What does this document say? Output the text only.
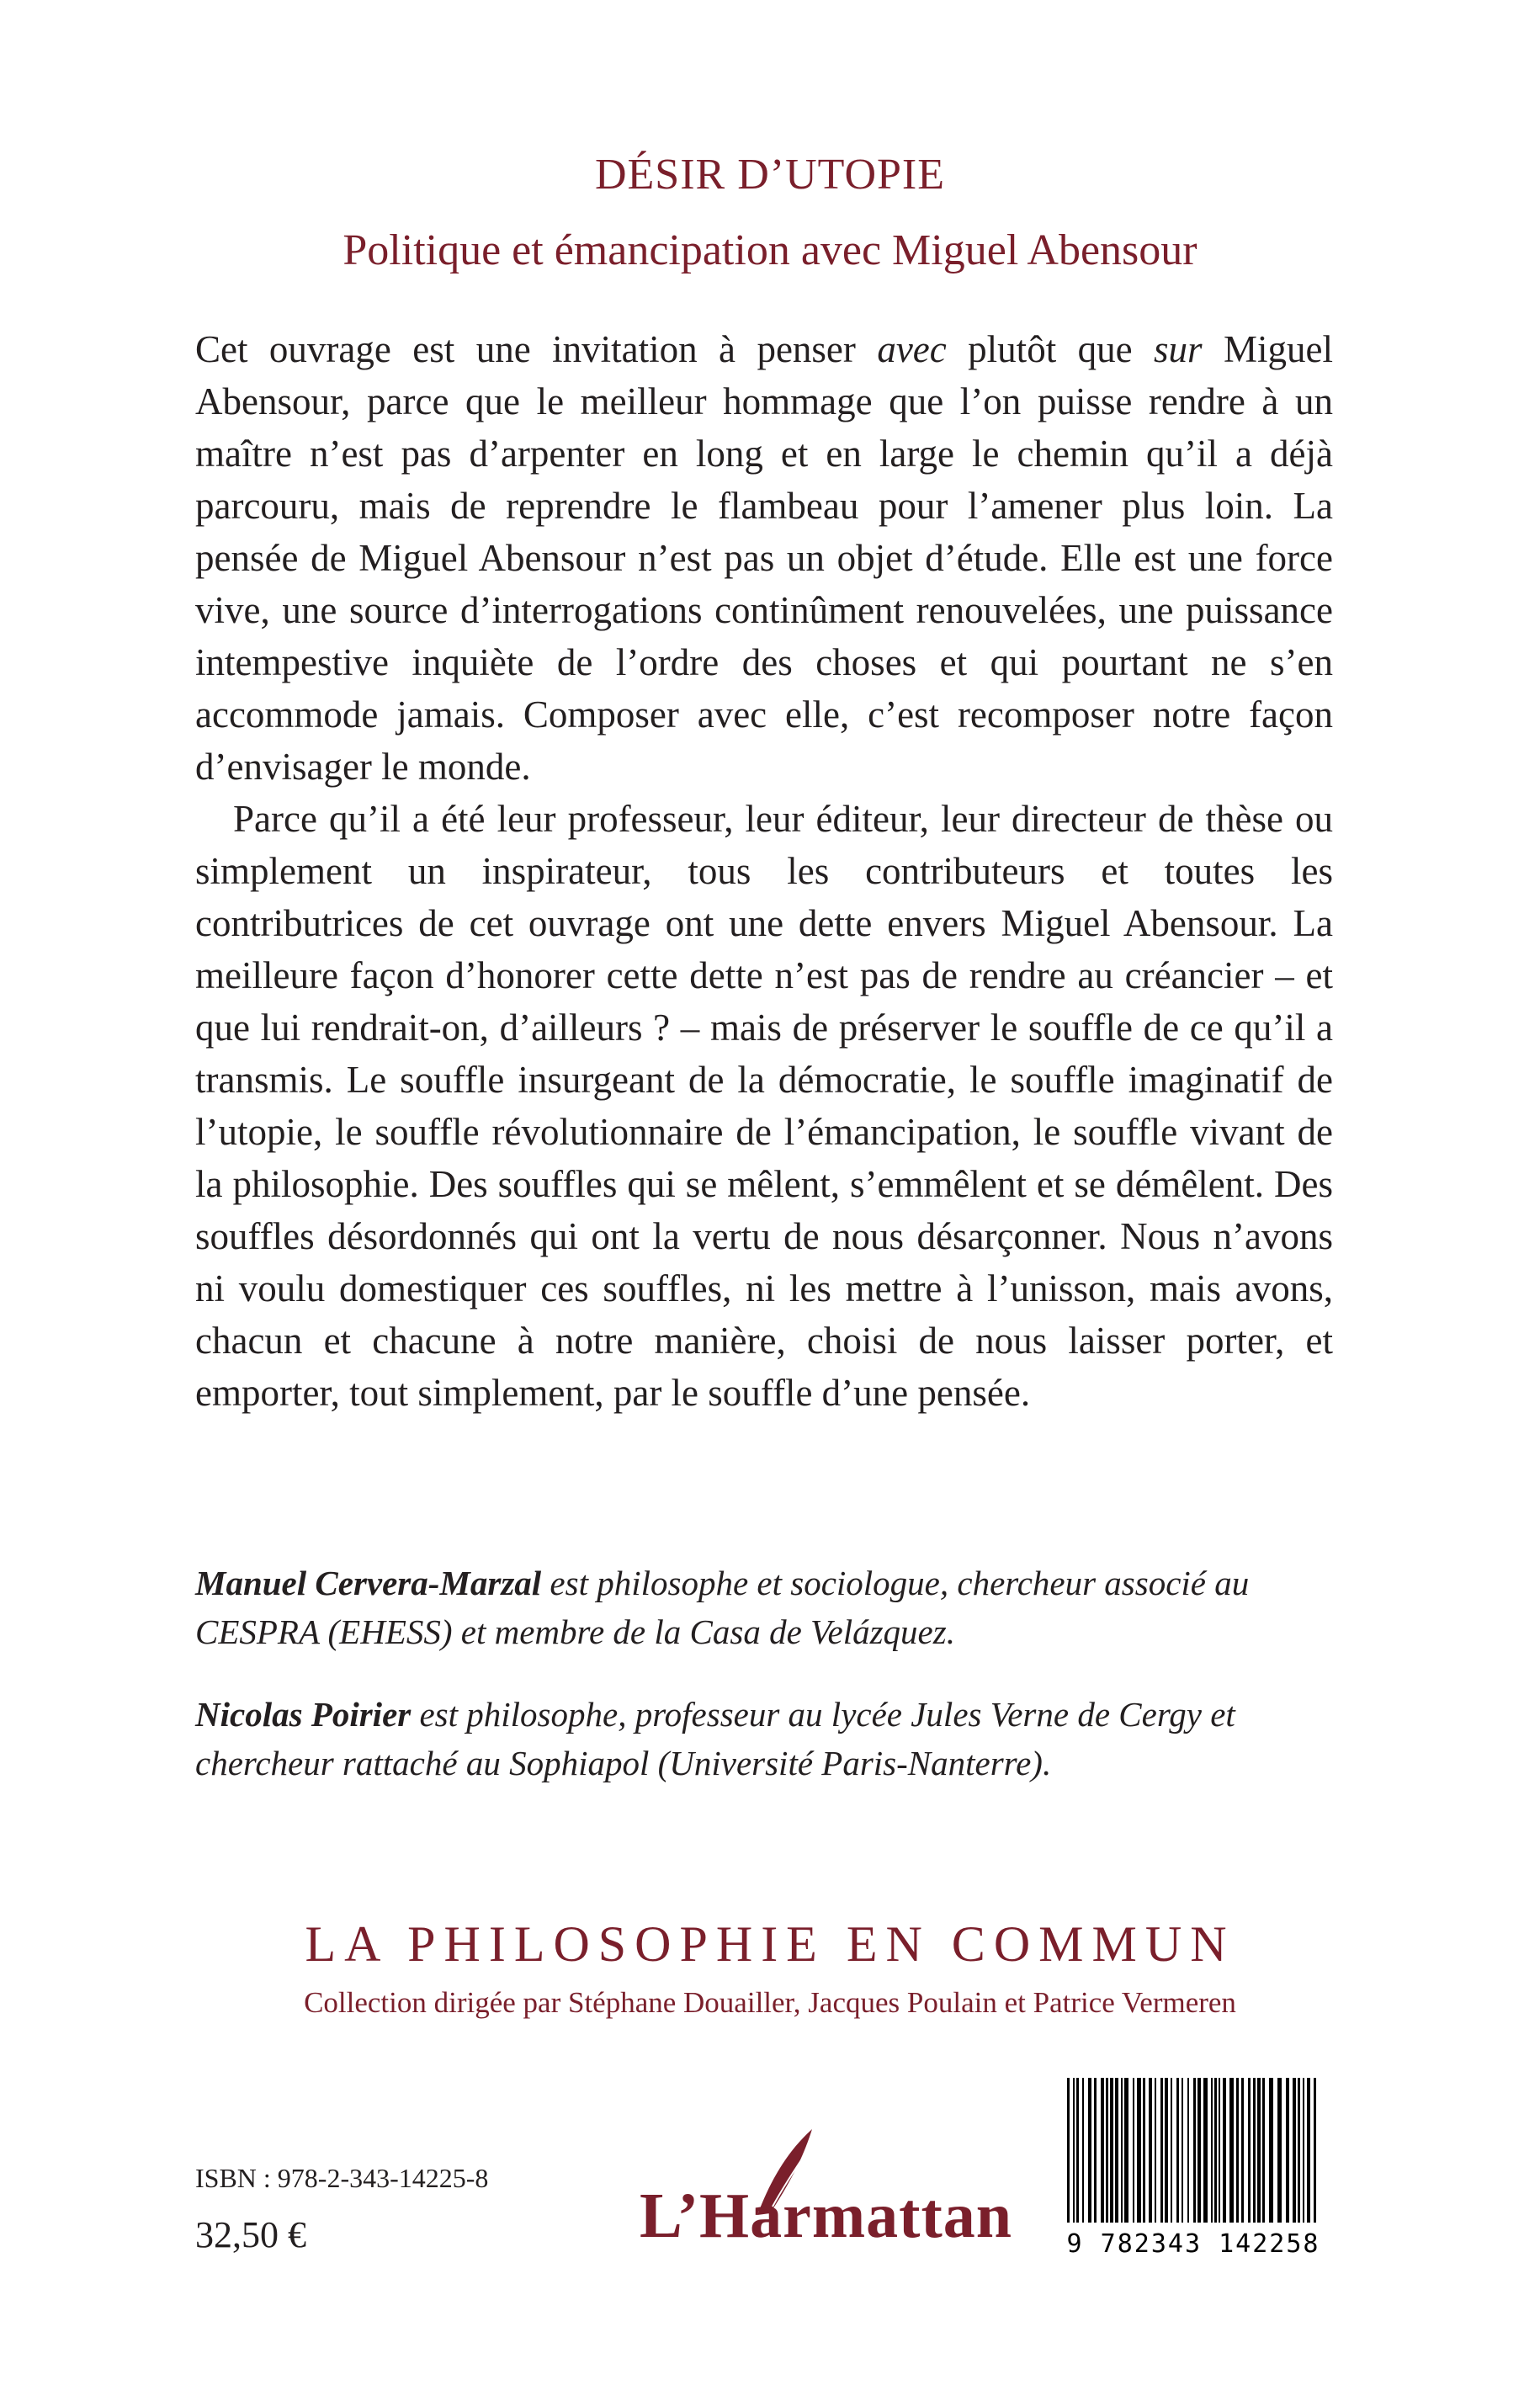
DÉSIR D’UTOPIE
Politique et émancipation avec Miguel Abensour

Cet ouvrage est une invitation à penser avec plutôt que sur Miguel Abensour, parce que le meilleur hommage que l’on puisse rendre à un maître n’est pas d’arpenter en long et en large le chemin qu’il a déjà parcouru, mais de reprendre le flambeau pour l’amener plus loin. La pensée de Miguel Abensour n’est pas un objet d’étude. Elle est une force vive, une source d’interrogations continûment renouvelées, une puissance intempestive inquiète de l’ordre des choses et qui pourtant ne s’en accommode jamais. Composer avec elle, c’est recomposer notre façon d’envisager le monde.

Parce qu’il a été leur professeur, leur éditeur, leur directeur de thèse ou simplement un inspirateur, tous les contributeurs et toutes les contributrices de cet ouvrage ont une dette envers Miguel Abensour. La meilleure façon d’honorer cette dette n’est pas de rendre au créancier – et que lui rendrait-on, d’ailleurs ? – mais de préserver le souffle de ce qu’il a transmis. Le souffle insurgeant de la démocratie, le souffle imaginatif de l’utopie, le souffle révolutionnaire de l’émancipation, le souffle vivant de la philosophie. Des souffles qui se mêlent, s’emmêlent et se démêlent. Des souffles désordonnés qui ont la vertu de nous désarçonner. Nous n’avons ni voulu domestiquer ces souffles, ni les mettre à l’unisson, mais avons, chacun et chacune à notre manière, choisi de nous laisser porter, et emporter, tout simplement, par le souffle d’une pensée.

Manuel Cervera-Marzal est philosophe et sociologue, chercheur associé au CESPRA (EHESS) et membre de la Casa de Velázquez.

Nicolas Poirier est philosophe, professeur au lycée Jules Verne de Cergy et chercheur rattaché au Sophiapol (Université Paris-Nanterre).

LA PHILOSOPHIE EN COMMUN
Collection dirigée par Stéphane Douailler, Jacques Poulain et Patrice Vermeren
ISBN : 978-2-343-14225-8
32,50 €	L’Harmattan	9 782343 142258
